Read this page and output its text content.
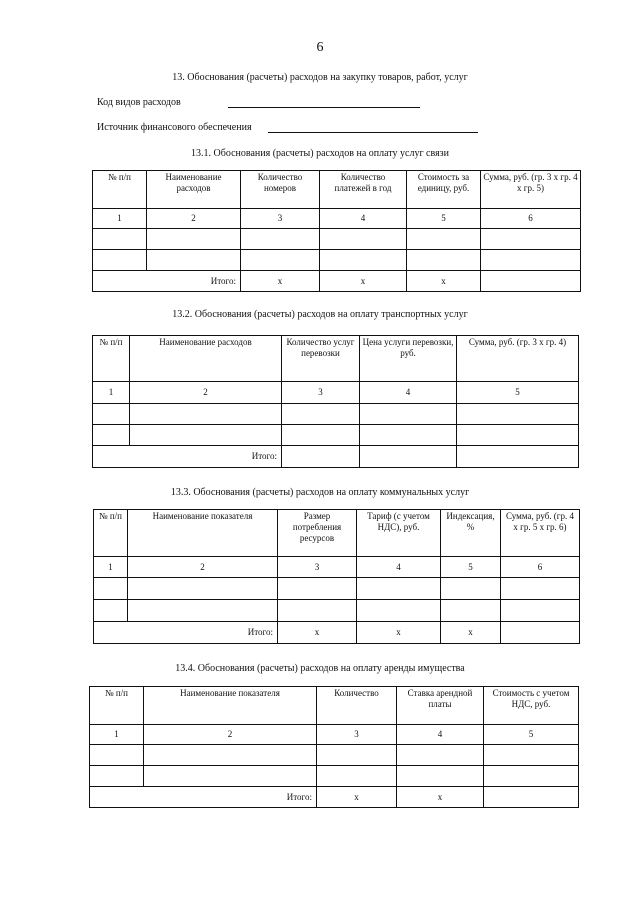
6
13. Обоснования (расчеты) расходов на закупку товаров, работ, услуг
Код видов расходов
Источник финансового обеспечения
13.1. Обоснования (расчеты) расходов на оплату услуг связи
№ п/п	Наименование расходов	Количество номеров	Количество платежей в год	Стоимость за единицу, руб.	Сумма, руб. (гр. 3 х гр. 4 х гр. 5)
1	2	3	4	5	6

	Итого:	x	x	x	
13.2. Обоснования (расчеты) расходов на оплату транспортных услуг
№ п/п	Наименование расходов	Количество услуг перевозки	Цена услуги перевозки, руб.	Сумма, руб. (гр. 3 х гр. 4)
1	2	3	4	5

	Итого:			
13.3. Обоснования (расчеты) расходов на оплату коммунальных услуг
№ п/п	Наименование показателя	Размер потребления ресурсов	Тариф (с учетом НДС), руб.	Индексация, %	Сумма, руб. (гр. 4 х гр. 5 х гр. 6)
1	2	3	4	5	6

	Итого:	x	x	x	
13.4. Обоснования (расчеты) расходов на оплату аренды имущества
№ п/п	Наименование показателя	Количество	Ставка арендной платы	Стоимость с учетом НДС, руб.
1	2	3	4	5

	Итого:	x	x	
